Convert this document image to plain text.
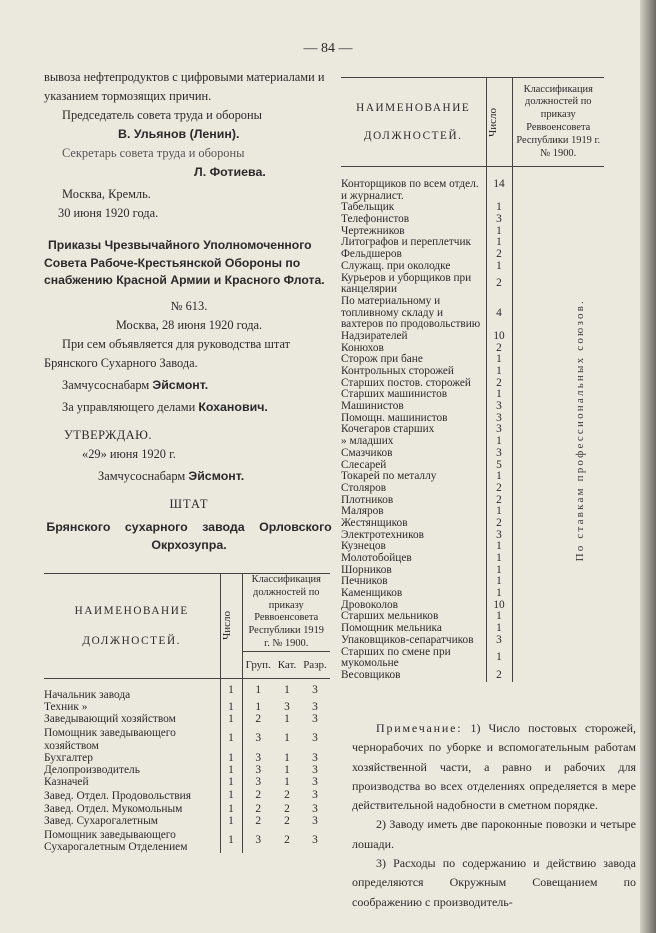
— 84 —

вывоза нефтепродуктов с цифровыми материалами и указанием тормозящих причин.

Председатель совета труда и обороны

В. Ульянов (Ленин).

Секретарь совета труда и обороны

Л. Фотиева.

Москва, Кремль.

30 июня 1920 года.

Приказы Чрезвычайного Уполномоченного Совета Рабоче-Крестьянской Обороны по снабжению Красной Армии и Красного Флота.

№ 613.

Москва, 28 июня 1920 года.

При сем объявляется для руководства штат Брянского Сухарного Завода.

Замчусоснабарм Эйсмонт.

За управляющего делами Коханович.

УТВЕРЖДАЮ.

«29» июня 1920 г.

Замчусоснабарм Эйсмонт.

ШТАТ

Брянского сухарного завода Орловского Окрхозупра.

НАИМЕНОВАНИЕ ДОЛЖНОСТЕЙ.	Число	Классификация должностей по приказу Реввоенсовета Республики 1919 г. № 1900.		
		Груп.	Кат.	Разр.
Начальник завода	1	1	1	3
Техник »	1	1	3	3
Заведывающий хозяйством	1	2	1	3
Помощник заведывающего хозяйством	1	3	1	3
Бухгалтер	1	3	1	3
Делопроизводитель	1	3	1	3
Казначей	1	3	1	3
Завед. Отдел. Продовольствия	1	2	2	3
Завед. Отдел. Мукомольным	1	2	2	3
Завед. Сухарогалетным	1	2	2	3
Помощник заведывающего Сухарогалетным Отделением	1	3	2	3
НАИМЕНОВАНИЕ ДОЛЖНОСТЕЙ.	Число	Классификация должностей по приказу Реввоенсовета Республики 1919 г. № 1900.
Конторщиков по всем отдел. и журналист.	14	
Табельщик	1	
Телефонистов	3	
Чертежников	1	
Литографов и переплетчик	1	
Фельдшеров	2	
Служащ. при околодке	1	
Курьеров и уборщиков при канцелярии	2	
По материальному и топливному складу и вахтеров по продовольствию	4	
Надзирателей	10	
Конюхов	2	
Сторож при бане	1	
Контрольных сторожей	1	
Старших постов. сторожей	2	
Старших машинистов	1	
Машинистов	3	
Помощн. машинистов	3	
Кочегаров старших	3	
» младших	1	
Смазчиков	3	
Слесарей	5	
Токарей по металлу	1	
Столяров	2	
Плотников	2	
Маляров	1	
Жестянщиков	2	
Электротехников	3	
Кузнецов	1	
Молотобойцев	1	
Шорников	1	
Печников	1	
Каменщиков	1	
Дровоколов	10	
Старших мельников	1	
Помощник мельника	1	
Упаковщиков-сепаратчиков	3	
Старших по смене при мукомольне	1	
Весовщиков	2	
По ставкам профессиональных союзов.

Примечание: 1) Число постовых сторожей, чернорабочих по уборке и вспомогательным работам хозяйственной части, а равно и рабочих для производства во всех отделениях определяется в мере действительной надобности в сметном порядке.

2) Заводу иметь две пароконные повозки и четыре лошади.

3) Расходы по содержанию и действию завода определяются Окружным Совещанием по соображению с производитель-
